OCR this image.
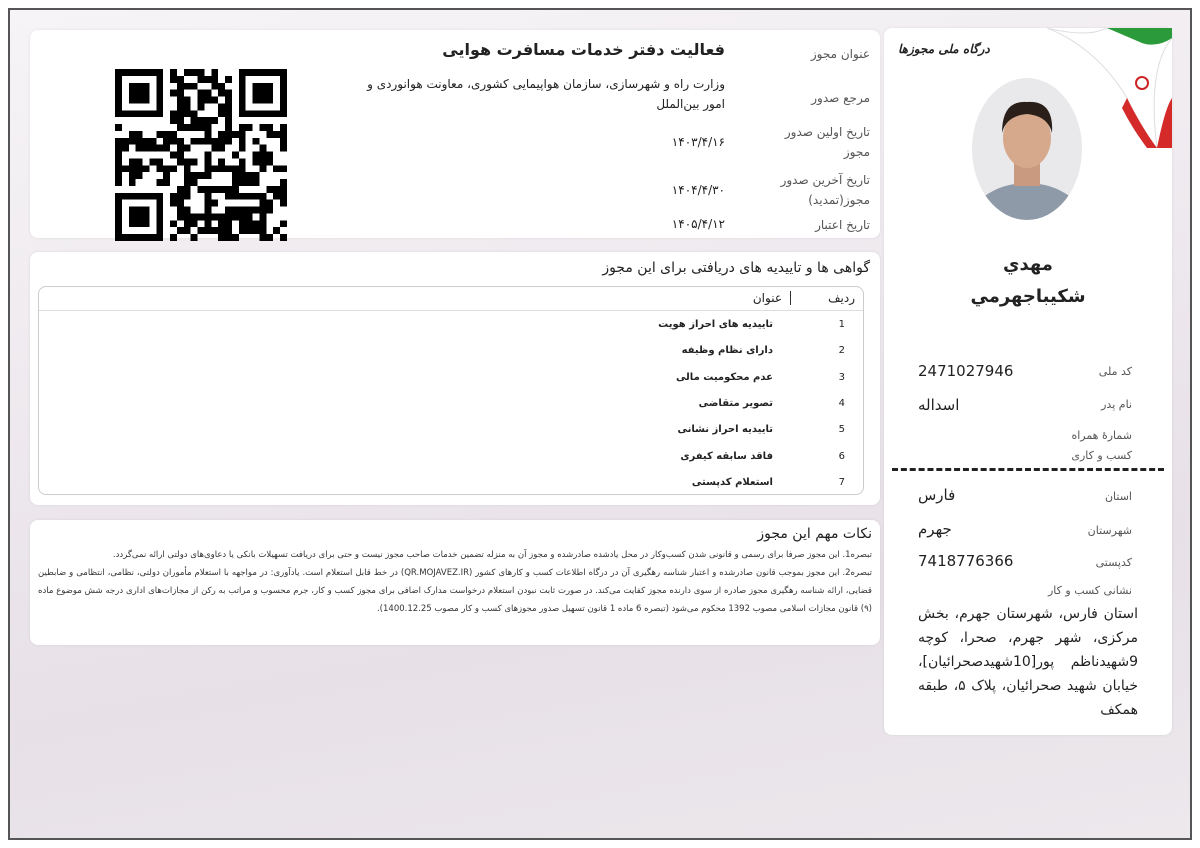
عنوان مجوز
فعالیت دفتر خدمات مسافرت هوایی
مرجع صدور
وزارت راه و شهرسازی، سازمان هواپیمایی کشوری، معاونت هوانوردی و امور بین‌الملل
تاریخ اولین صدور مجوز
۱۴۰۳/۴/۱۶
تاریخ آخرین صدور مجوز(تمدید)
۱۴۰۴/۴/۳۰
تاریخ اعتبار
۱۴۰۵/۴/۱۲
گواهی ها و تاییدیه های دریافتی برای این مجوز
ردیف
عنوان
1
تاییدیه های احراز هویت
2
دارای نظام وظیفه
3
عدم محکومیت مالی
4
تصویر متقاضی
5
تاییدیه احراز نشانی
6
فاقد سابقه کیفری
7
استعلام کدپستی
نکات مهم این مجوز

تبصره1. این مجوز صرفا برای رسمی و قانونی شدن کسب‌وکار در محل یادشده صادرشده و مجوز آن به منزله تضمین خدمات صاحب مجوز نیست و حتی برای دریافت تسهیلات بانکی یا دعاوی‌های دولتی ارائه نمی‌گردد.

تبصره2. این مجوز بموجب قانون صادرشده و اعتبار شناسه رهگیری آن در درگاه اطلاعات کسب و کارهای کشور (QR.MOJAVEZ.IR) در خط قابل استعلام است. یادآوری: در مواجهه با استعلام مأموران دولتی، نظامی، انتظامی و ضابطین قضایی، ارائه شناسه رهگیری مجوز صادره از سوی دارنده مجوز کفایت می‌کند. در صورت ثابت نبودن استعلام درخواست مدارک اضافی برای مجوز کسب و کار، جرم محسوب و مراتب به رکن از مجازات‌های اداری درجه شش موضوع ماده (۹) قانون مجازات اسلامی مصوب 1392 محکوم می‌شود (تبصره 6 ماده 1 قانون تسهیل صدور مجوزهای کسب و کار مصوب 1400.12.25).

درگاه ملی مجوزها
مهدي
شكيباجهرمي
کد ملی
2471027946
نام پدر
اسداله
شمارهٔ همراه کسب و کاری
استان
فارس
شهرستان
جهرم
کدپستی
7418776366
نشانی کسب و کار
استان فارس، شهرستان جهرم، بخش مرکزی، شهر جهرم، صحرا، کوچه 9شهیدناظم پور[10شهیدصحرائیان]، خیابان شهید صحرائیان، پلاک ۵، طبقه همکف
